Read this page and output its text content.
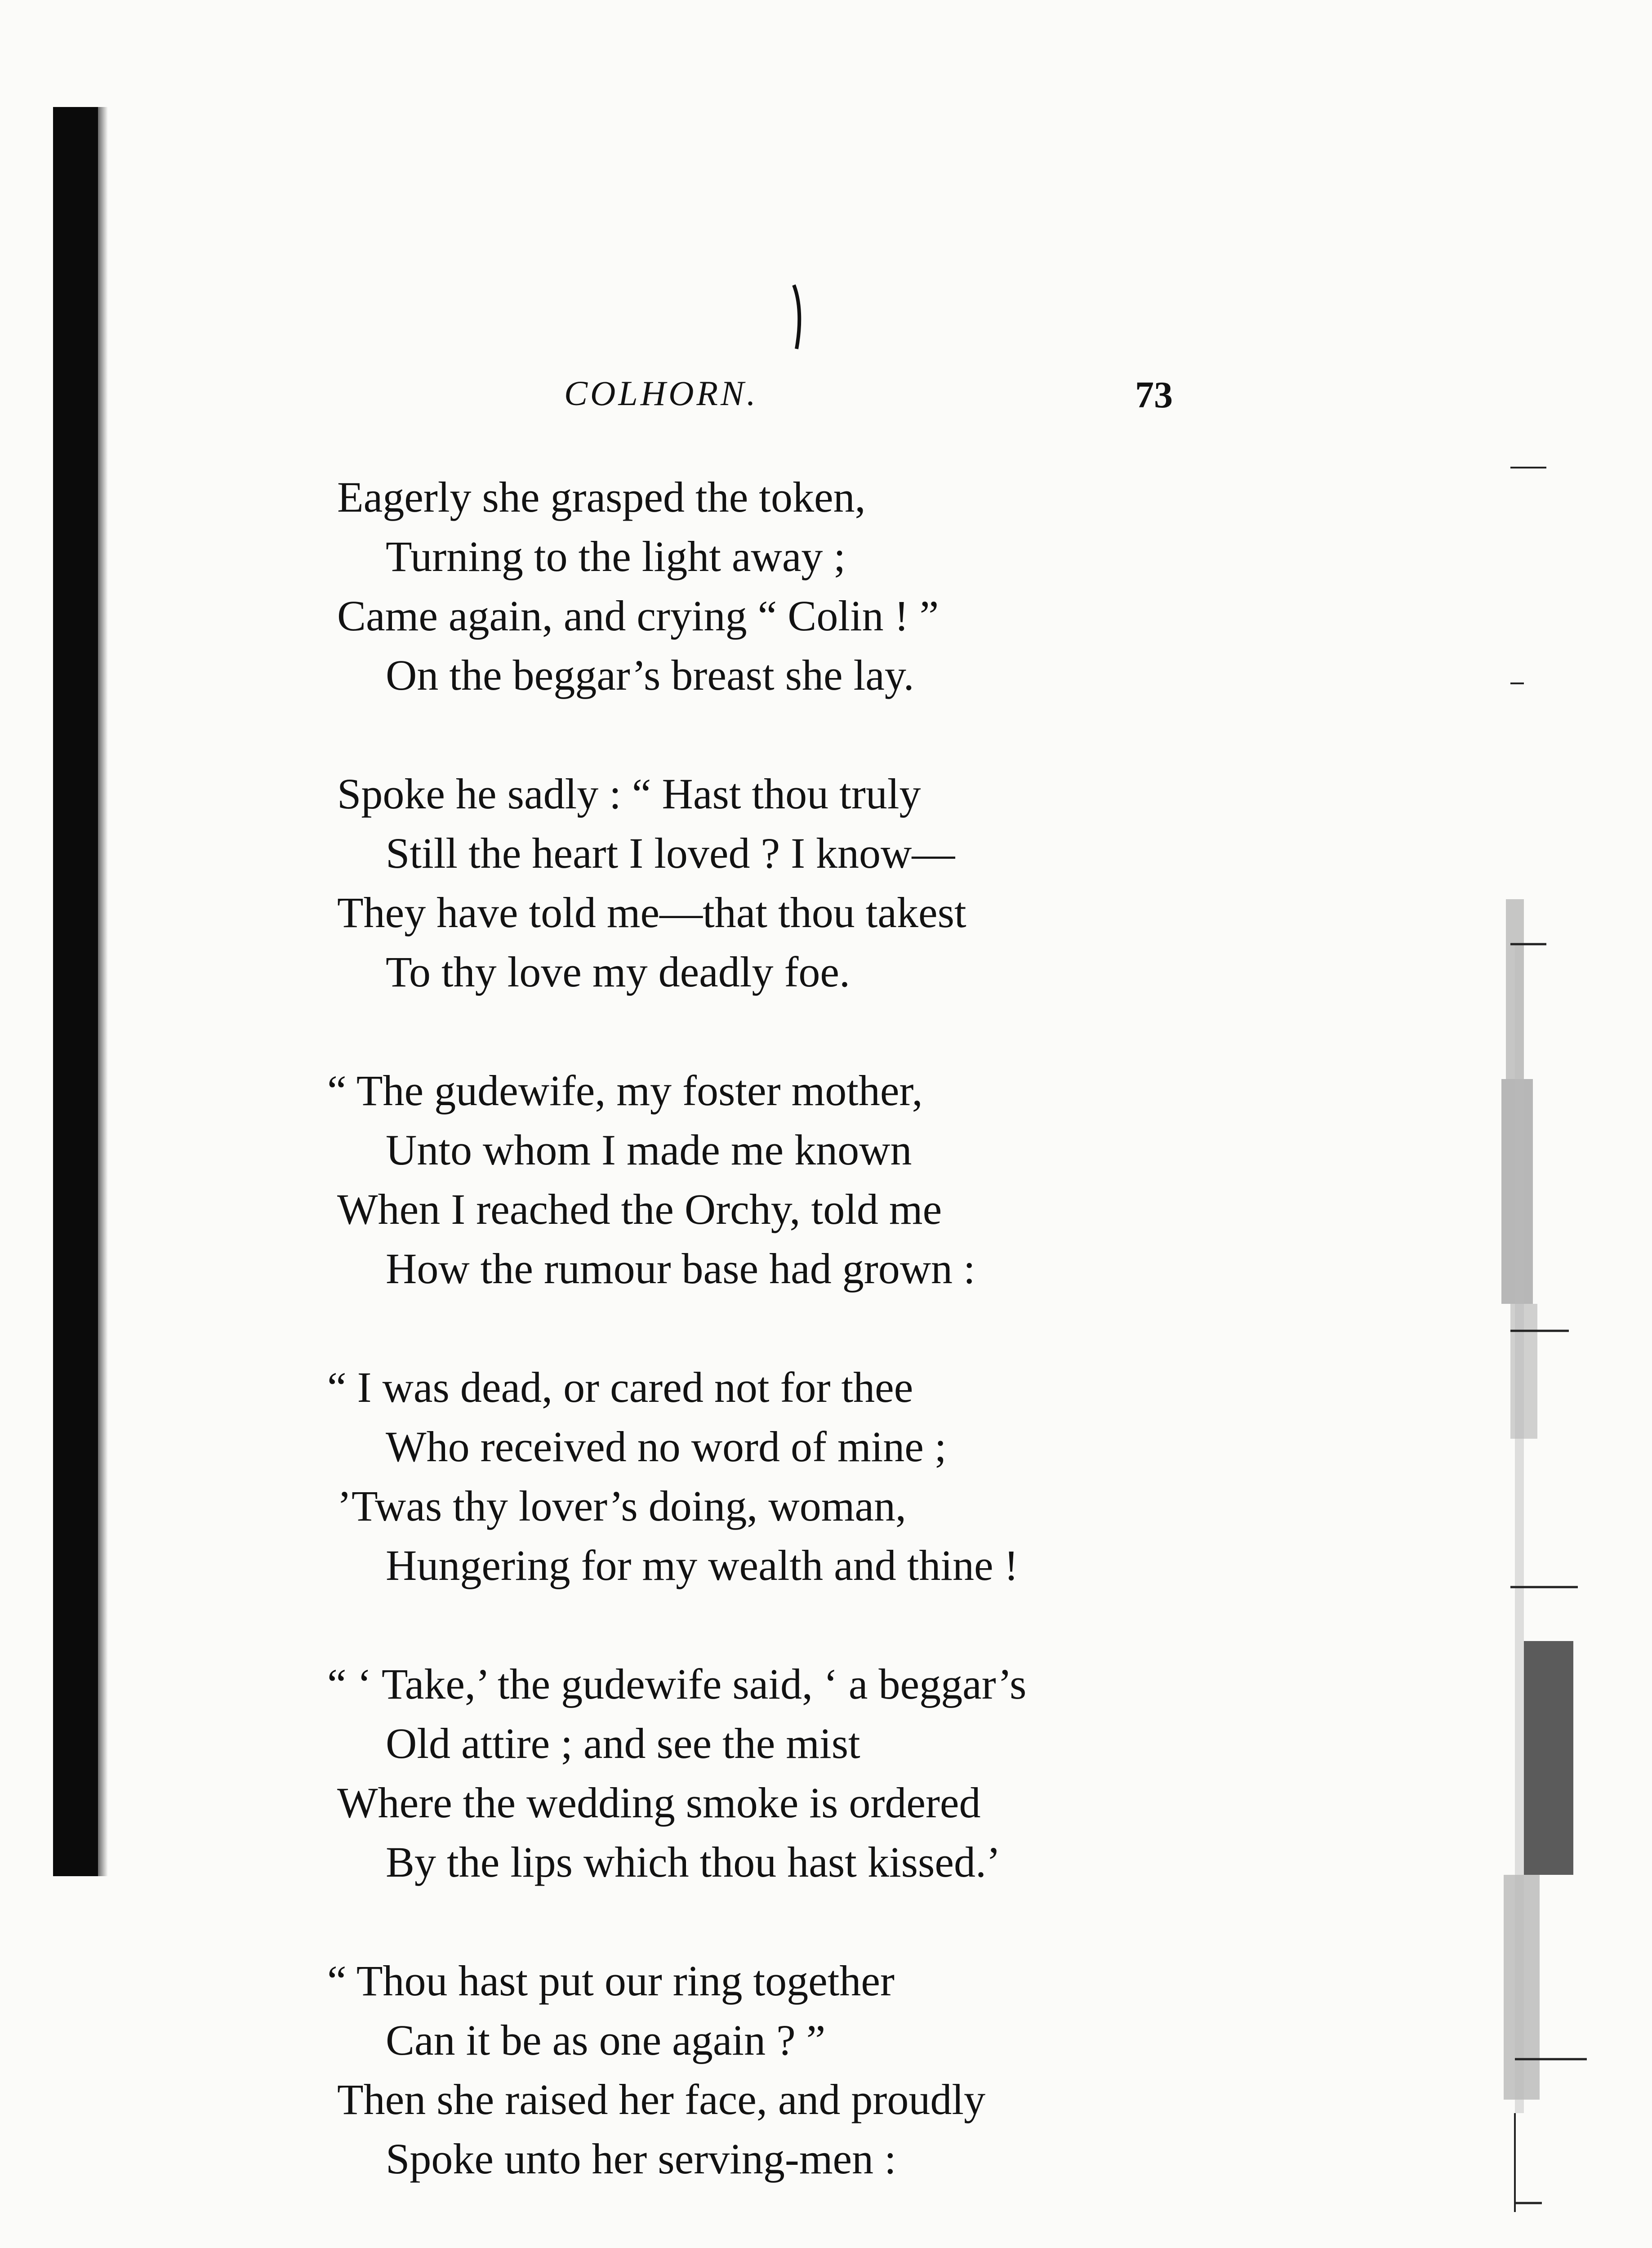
COLHORN.	73
Eagerly she grasped the token,
Turning to the light away ;
Came again, and crying “ Colin ! ”
On the beggar’s breast she lay.
Spoke he sadly : “ Hast thou truly
Still the heart I loved ? I know—
They have told me—that thou takest
To thy love my deadly foe.
“ The gudewife, my foster mother,
Unto whom I made me known
When I reached the Orchy, told me
How the rumour base had grown :
“ I was dead, or cared not for thee
Who received no word of mine ;
’Twas thy lover’s doing, woman,
Hungering for my wealth and thine !
“ ‘ Take,’ the gudewife said, ‘ a beggar’s
Old attire ; and see the mist
Where the wedding smoke is ordered
By the lips which thou hast kissed.’
“ Thou hast put our ring together
Can it be as one again ? ”
Then she raised her face, and proudly
Spoke unto her serving-men :
